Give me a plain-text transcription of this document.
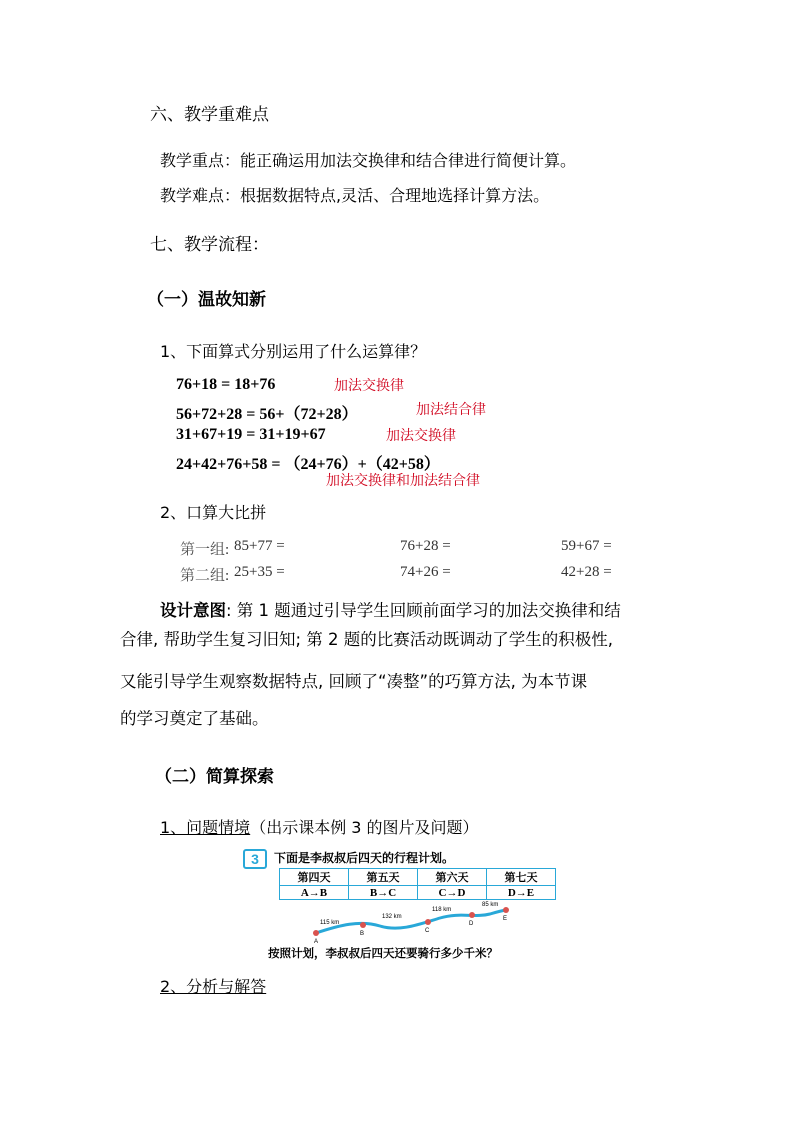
六、教学重难点
教学重点：能正确运用加法交换律和结合律进行简便计算。
教学难点：根据数据特点,灵活、合理地选择计算方法。
七、教学流程：
（一）温故知新
1、下面算式分别运用了什么运算律？
76+18 = 18+76	加法交换律
56+72+28 = 56+（72+28）	加法结合律
31+67+19 = 31+19+67	加法交换律
24+42+76+58 = （24+76）+（42+58）
加法交换律和加法结合律
2、口算大比拼
第一组: 85+77 =	76+28 =	59+67 =
第二组: 25+35 =	74+26 =	42+28 =
设计意图: 第 1 题通过引导学生回顾前面学习的加法交换律和结
合律, 帮助学生复习旧知; 第 2 题的比赛活动既调动了学生的积极性,
又能引导学生观察数据特点, 回顾了“凑整”的巧算方法, 为本节课
的学习奠定了基础。
（二）简算探索
1、问题情境（出示课本例 3 的图片及问题）
3	下面是李叔叔后四天的行程计划。
第四天	第五天	第六天	第七天
A→B	B→C	C→D	D→E
A
B	C
D
E
115 km
132 km
118 km
85 km
按照计划，李叔叔后四天还要骑行多少千米？
2、分析与解答
